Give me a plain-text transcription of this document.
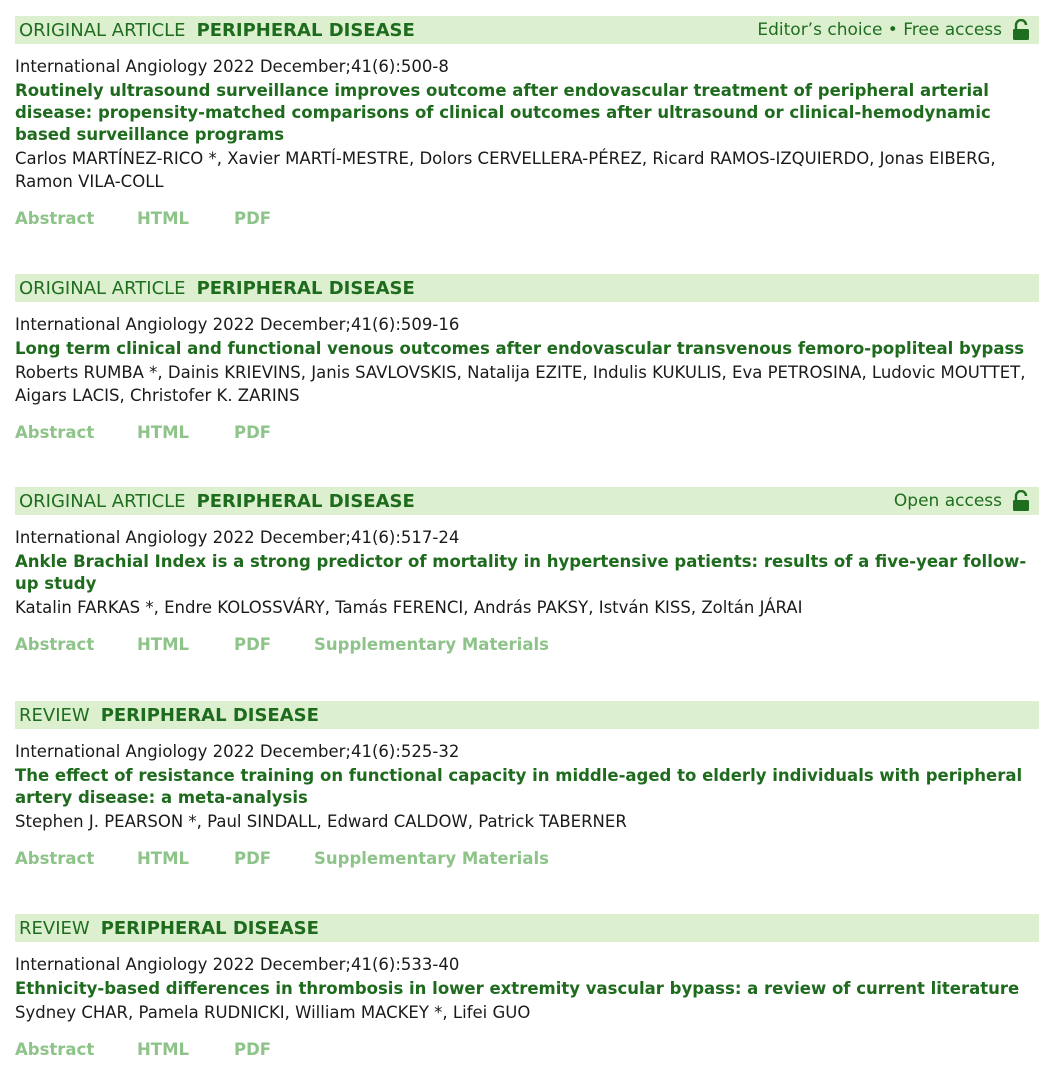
ORIGINAL ARTICLE PERIPHERAL DISEASE	Editor’s choice • Free access
International Angiology 2022 December;41(6):500-8
Routinely ultrasound surveillance improves outcome after endovascular treatment of peripheral arterial disease: propensity-matched comparisons of clinical outcomes after ultrasound or clinical-hemodynamic based surveillance programs
Carlos MARTÍNEZ-RICO *, Xavier MARTÍ-MESTRE, Dolors CERVELLERA-PÉREZ, Ricard RAMOS-IZQUIERDO, Jonas EIBERG, Ramon VILA-COLL
Abstract	HTML	PDF
ORIGINAL ARTICLE PERIPHERAL DISEASE
International Angiology 2022 December;41(6):509-16
Long term clinical and functional venous outcomes after endovascular transvenous femoro-popliteal bypass
Roberts RUMBA *, Dainis KRIEVINS, Janis SAVLOVSKIS, Natalija EZITE, Indulis KUKULIS, Eva PETROSINA, Ludovic MOUTTET, Aigars LACIS, Christofer K. ZARINS
Abstract	HTML	PDF
ORIGINAL ARTICLE PERIPHERAL DISEASE	Open access
International Angiology 2022 December;41(6):517-24
Ankle Brachial Index is a strong predictor of mortality in hypertensive patients: results of a five-year follow-up study
Katalin FARKAS *, Endre KOLOSSVÁRY, Tamás FERENCI, András PAKSY, István KISS, Zoltán JÁRAI
Abstract	HTML	PDF	Supplementary Materials
REVIEW PERIPHERAL DISEASE
International Angiology 2022 December;41(6):525-32
The effect of resistance training on functional capacity in middle-aged to elderly individuals with peripheral artery disease: a meta-analysis
Stephen J. PEARSON *, Paul SINDALL, Edward CALDOW, Patrick TABERNER
Abstract	HTML	PDF	Supplementary Materials
REVIEW PERIPHERAL DISEASE
International Angiology 2022 December;41(6):533-40
Ethnicity-based differences in thrombosis in lower extremity vascular bypass: a review of current literature
Sydney CHAR, Pamela RUDNICKI, William MACKEY *, Lifei GUO
Abstract	HTML	PDF
